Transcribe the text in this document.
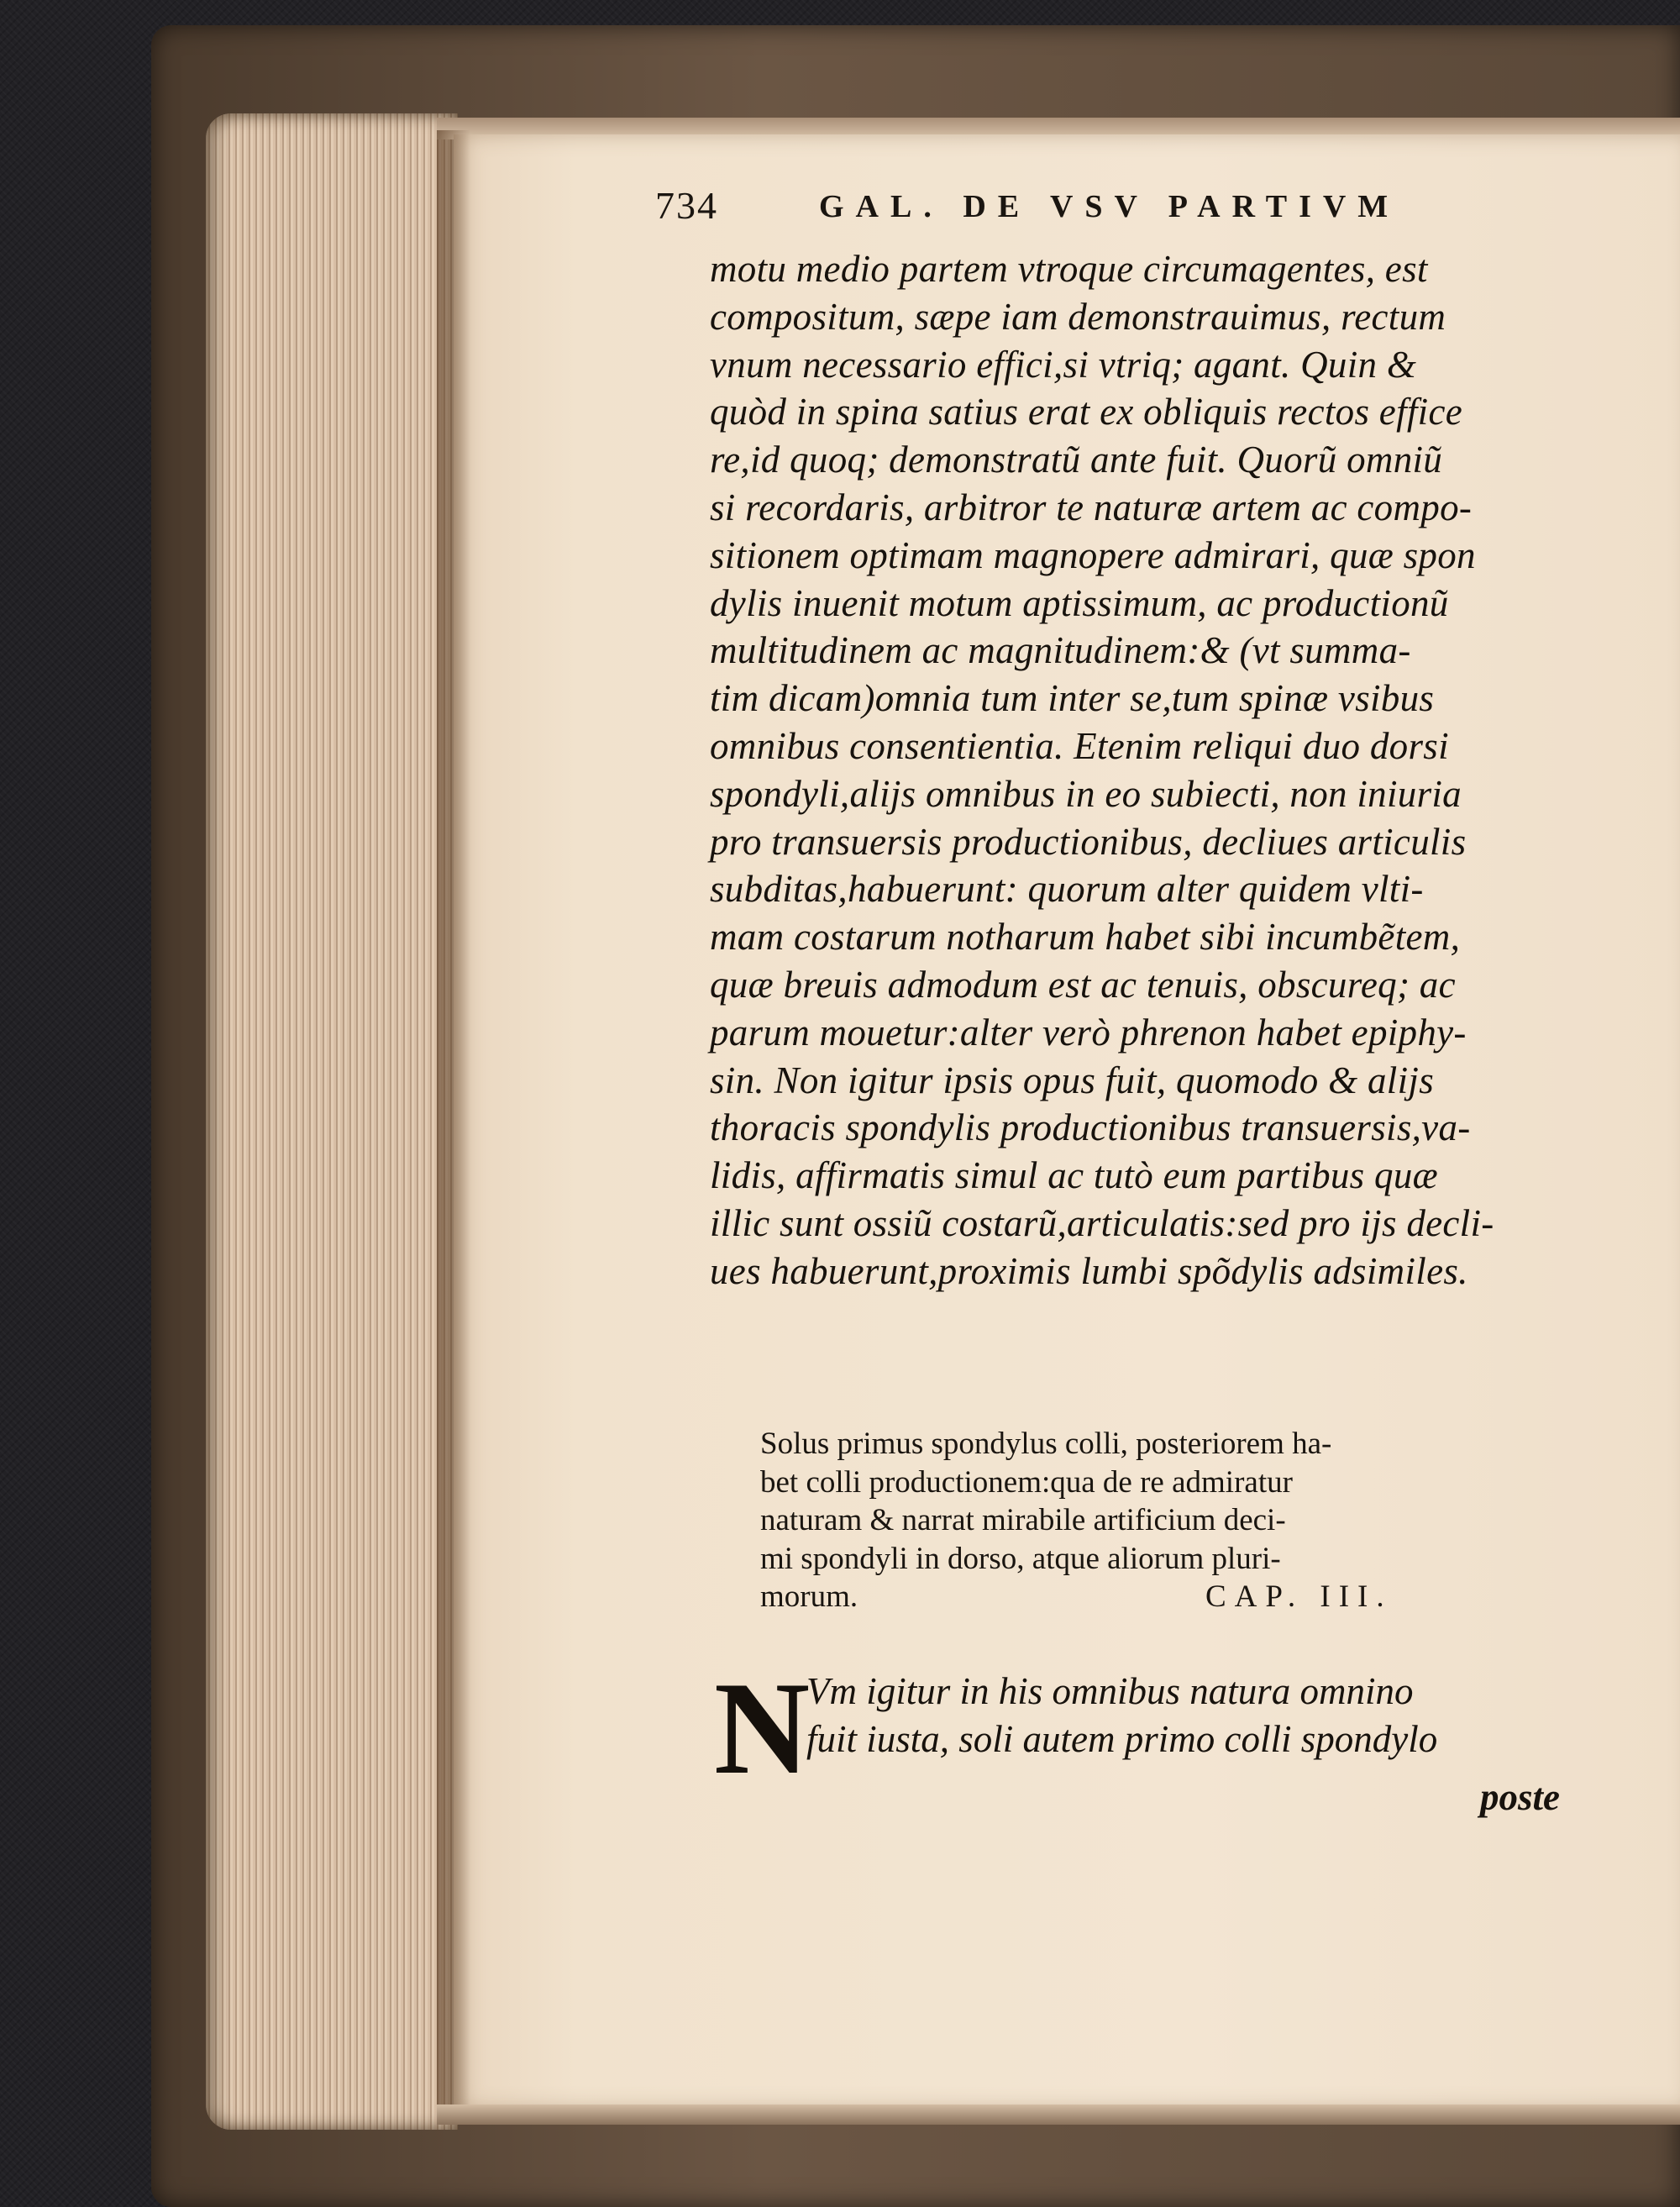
734	GAL. DE VSV PARTIVM
motu medio partem vtroque circumagentes, est
compositum, sæpe iam demonstrauimus, rectum
vnum necessario effici,si vtriq; agant. Quin &
quòd in spina satius erat ex obliquis rectos effice
re,id quoq; demonstratũ ante fuit. Quorũ omniũ
si recordaris, arbitror te naturæ artem ac compo-
sitionem optimam magnopere admirari, quæ spon
dylis inuenit motum aptissimum, ac productionũ
multitudinem ac magnitudinem:& (vt summa-
tim dicam)omnia tum inter se,tum spinæ vsibus
omnibus consentientia. Etenim reliqui duo dorsi
spondyli,alijs omnibus in eo subiecti, non iniuria
pro transuersis productionibus, decliues articulis
subditas,habuerunt: quorum alter quidem vlti-
mam costarum notharum habet sibi incumbẽtem,
quæ breuis admodum est ac tenuis, obscureq; ac
parum mouetur:alter verò phrenon habet epiphy-
sin. Non igitur ipsis opus fuit, quomodo & alijs
thoracis spondylis productionibus transuersis,va-
lidis, affirmatis simul ac tutò eum partibus quæ
illic sunt ossiũ costarũ,articulatis:sed pro ijs decli-
ues habuerunt,proximis lumbi spõdylis adsimiles.
Solus primus spondylus colli, posteriorem ha-
bet colli productionem:qua de re admiratur
naturam & narrat mirabile artificium deci-
mi spondyli in dorso, atque aliorum pluri-
morum.	CAP. III.
N
Vm igitur in his omnibus natura omnino
fuit iusta, soli autem primo colli spondylo
poste
